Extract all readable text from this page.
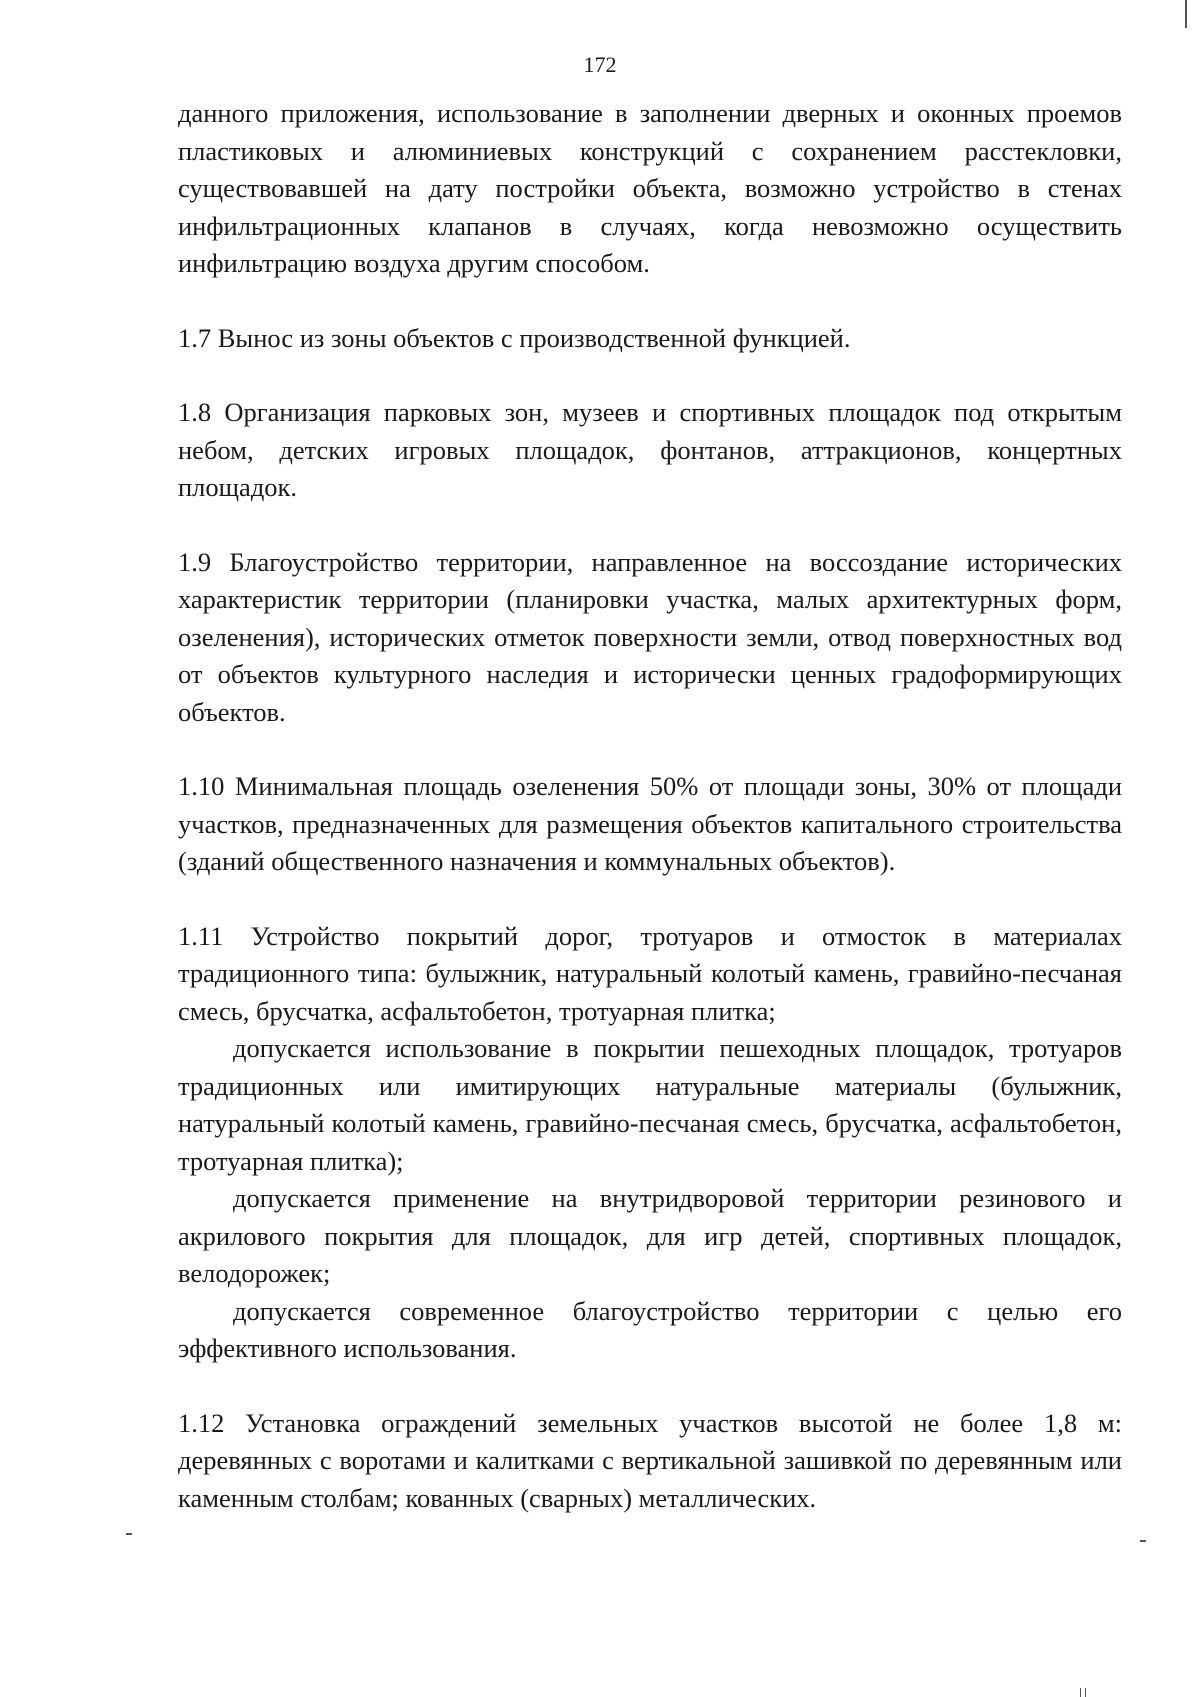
172

данного приложения, использование в заполнении дверных и оконных проемов пластиковых и алюминиевых конструкций с сохранением расстекловки, существовавшей на дату постройки объекта, возможно устройство в стенах инфильтрационных клапанов в случаях, когда невозможно осуществить инфильтрацию воздуха другим способом.

1.7 Вынос из зоны объектов с производственной функцией.

1.8 Организация парковых зон, музеев и спортивных площадок под открытым небом, детских игровых площадок, фонтанов, аттракционов, концертных площадок.

1.9 Благоустройство территории, направленное на воссоздание исторических характеристик территории (планировки участка, малых архитектурных форм, озеленения), исторических отметок поверхности земли, отвод поверхностных вод от объектов культурного наследия и исторически ценных градоформирующих объектов.

1.10 Минимальная площадь озеленения 50% от площади зоны, 30% от площади участков, предназначенных для размещения объектов капитального строительства (зданий общественного назначения и коммунальных объектов).

1.11 Устройство покрытий дорог, тротуаров и отмосток в материалах традиционного типа: булыжник, натуральный колотый камень, гравийно-песчаная смесь, брусчатка, асфальтобетон, тротуарная плитка;

допускается использование в покрытии пешеходных площадок, тротуаров традиционных или имитирующих натуральные материалы (булыжник, натуральный колотый камень, гравийно-песчаная смесь, брусчатка, асфальтобетон, тротуарная плитка);

допускается применение на внутридворовой территории резинового и акрилового покрытия для площадок, для игр детей, спортивных площадок, велодорожек;

допускается современное благоустройство территории с целью его эффективного использования.

1.12 Установка ограждений земельных участков высотой не более 1,8 м: деревянных с воротами и калитками с вертикальной зашивкой по деревянным или каменным столбам; кованных (сварных) металлических.
